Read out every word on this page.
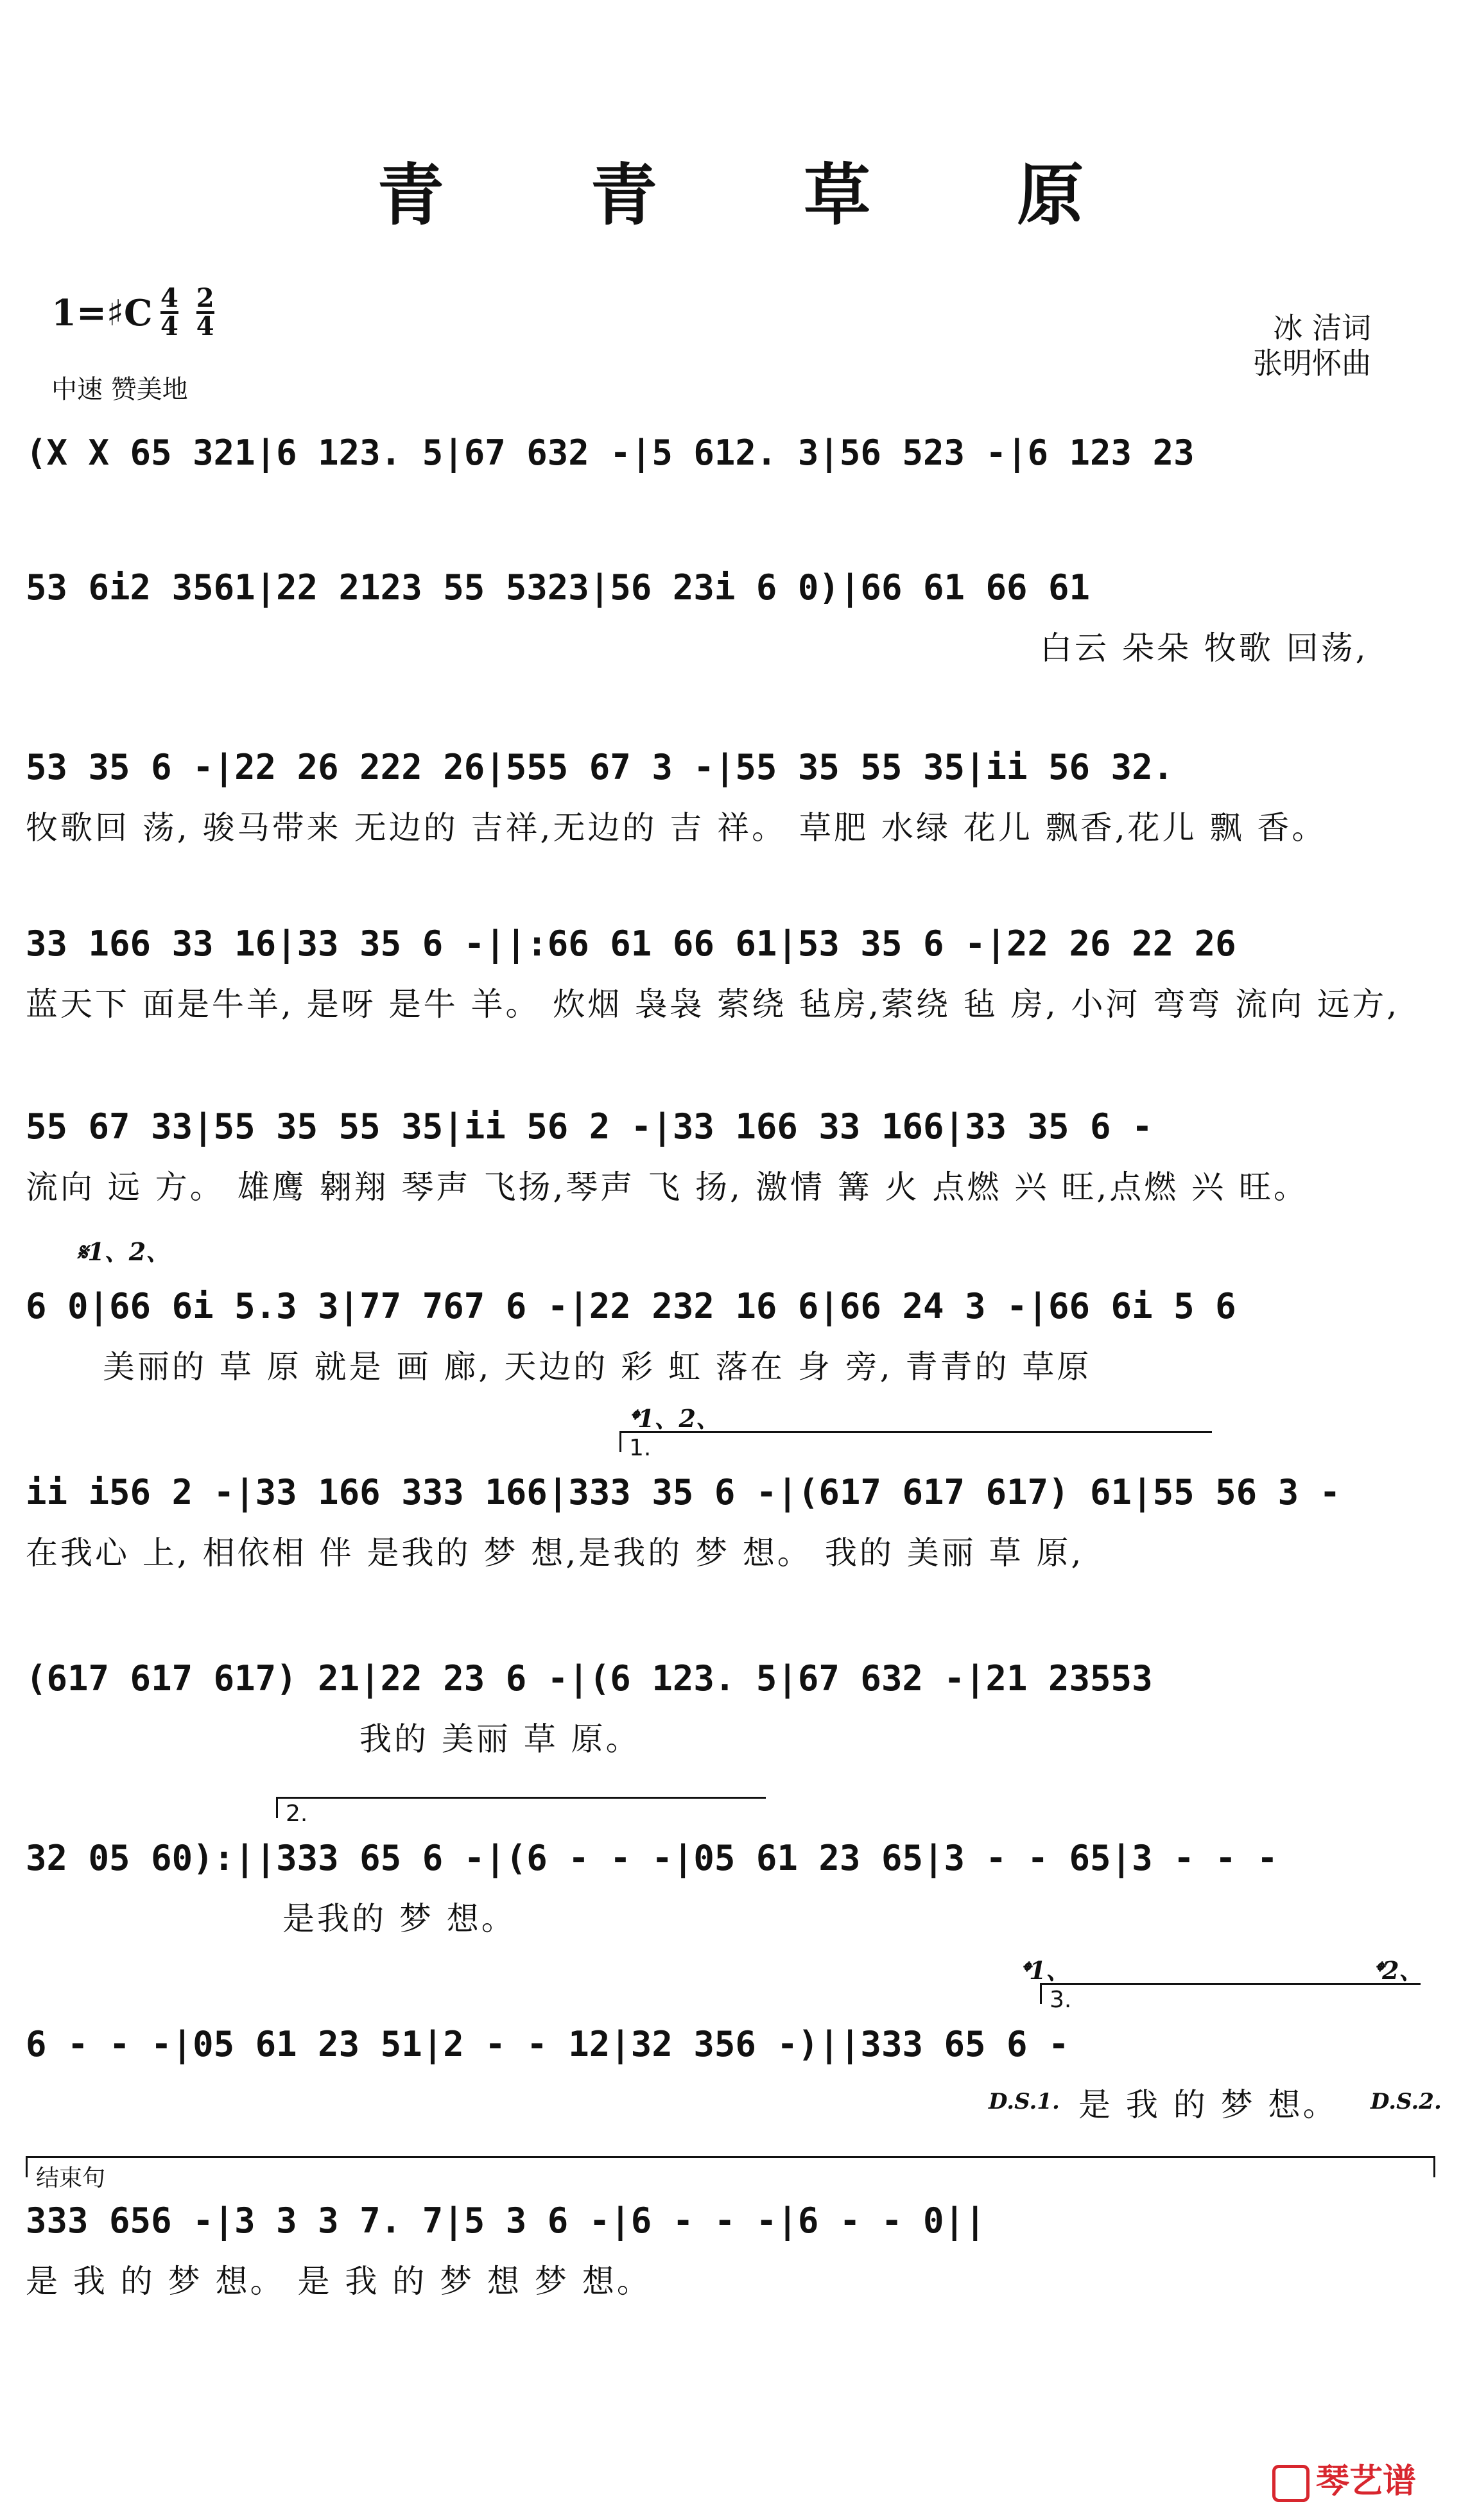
青 青 草 原
1=♯C $\frac{4}{4}$
$\frac{2}{4}$
中速 赞美地
冰 洁词
张明怀曲
(X X 65 321|6 123. 5|67 632 -|5 612. 3|56 523 -|6 123 23
53 6i2 3561|22 2123 55 5323|56 23i 6 0)|66 61 66 61
白云 朵朵 牧歌 回荡,
53 35 6 -|22 26 222 26|555 67 3 -|55 35 55 35|ii 56 32.
牧歌回 荡, 骏马带来 无边的 吉祥,无边的 吉 祥。 草肥 水绿 花儿 飘香,花儿 飘 香。
33 166 33 16|33 35 6 -||:66 61 66 61|53 35 6 -|22 26 22 26
蓝天下 面是牛羊, 是呀 是牛 羊。 炊烟 袅袅 萦绕 毡房,萦绕 毡 房, 小河 弯弯 流向 远方,
55 67 33|55 35 55 35|ii 56 2 -|33 166 33 166|33 35 6 -
流向 远 方。 雄鹰 翱翔 琴声 飞扬,琴声 飞 扬, 激情 篝 火 点燃 兴 旺,点燃 兴 旺。
𝄋1、2、
6 0|66 6i 5.3 3|77 767 6 -|22 232 16 6|66 24 3 -|66 6i 5 6
美丽的 草 原 就是 画 廊, 天边的 彩 虹 落在 身 旁, 青青的 草原
𝄌1、2、
1.
ii i56 2 -|33 166 333 166|333 35 6 -|(617 617 617) 61|55 56 3 -
在我心 上, 相依相 伴 是我的 梦 想,是我的 梦 想。 我的 美丽 草 原,
(617 617 617) 21|22 23 6 -|(6 123. 5|67 632 -|21 23553
我的 美丽 草 原。
2.
32 05 60):||333 65 6 -|(6 - - -|05 61 23 65|3 - - 65|3 - - -
是我的 梦 想。
𝄌1、	𝄌2、
3.
6 - - -|05 61 23 51|2 - - 12|32 356 -)||333 65 6 -
是 我 的 梦 想。
D.S.1.	D.S.2.
结束句
333 656 -|3 3 3 7. 7|5 3 6 -|6 - - -|6 - - 0||
是 我 的 梦 想。 是 我 的 梦 想 梦 想。
琴艺谱
